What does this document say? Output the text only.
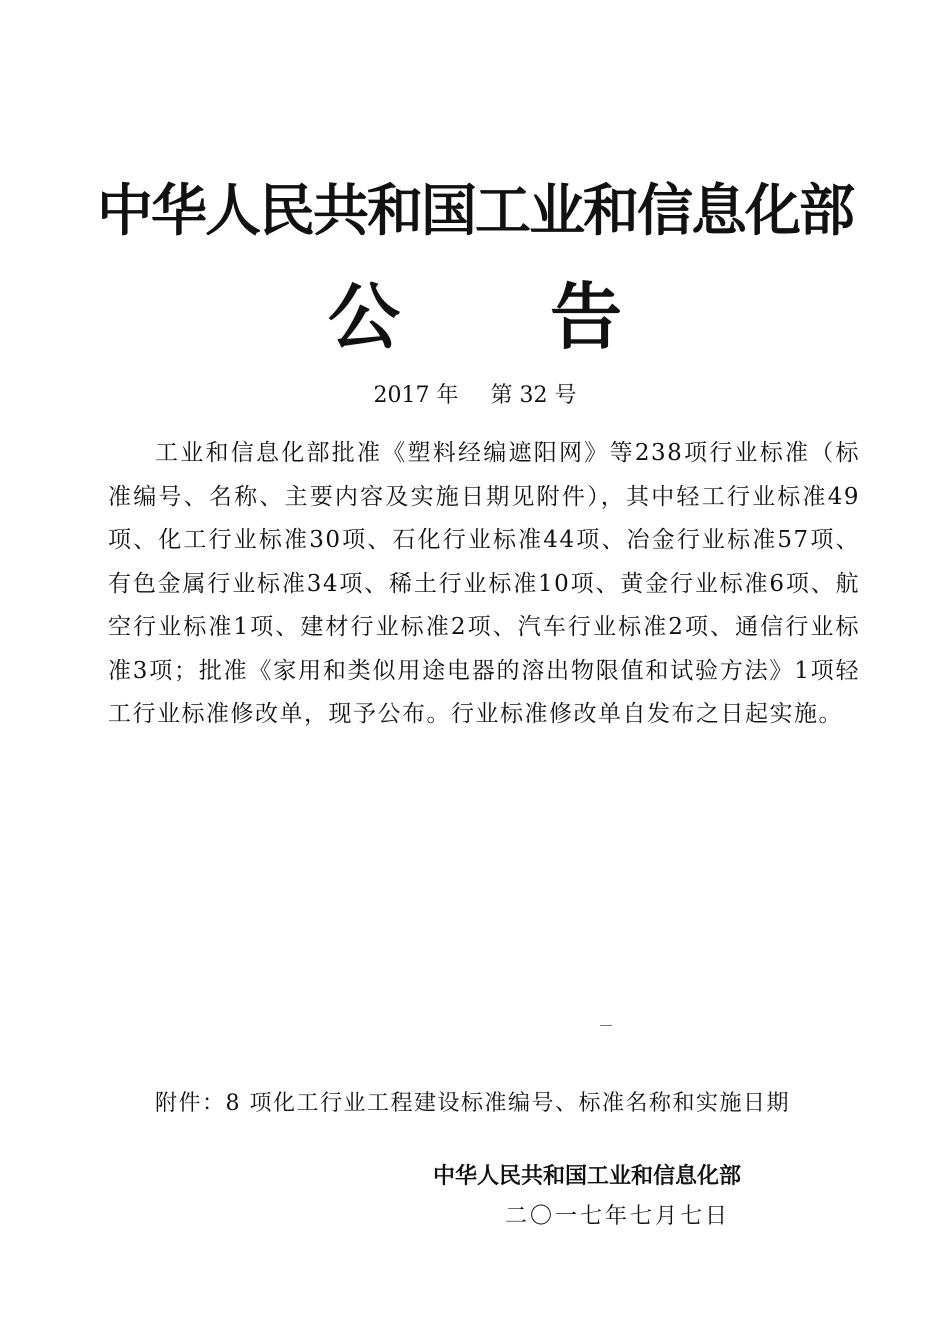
中华人民共和国工业和信息化部
公 告
2017 年 第 32 号

工业和信息化部批准《塑料经编遮阳网》等238项行业标准（标准编号、名称、主要内容及实施日期见附件），其中轻工行业标准49项、化工行业标准30项、石化行业标准44项、冶金行业标准57项、有色金属行业标准34项、稀土行业标准10项、黄金行业标准6项、航空行业标准1项、建材行业标准2项、汽车行业标准2项、通信行业标准3项；批准《家用和类似用途电器的溶出物限值和试验方法》1项轻工行业标准修改单，现予公布。行业标准修改单自发布之日起实施。

附件：8 项化工行业工程建设标准编号、标准名称和实施日期
中华人民共和国工业和信息化部
二〇一七年七月七日
